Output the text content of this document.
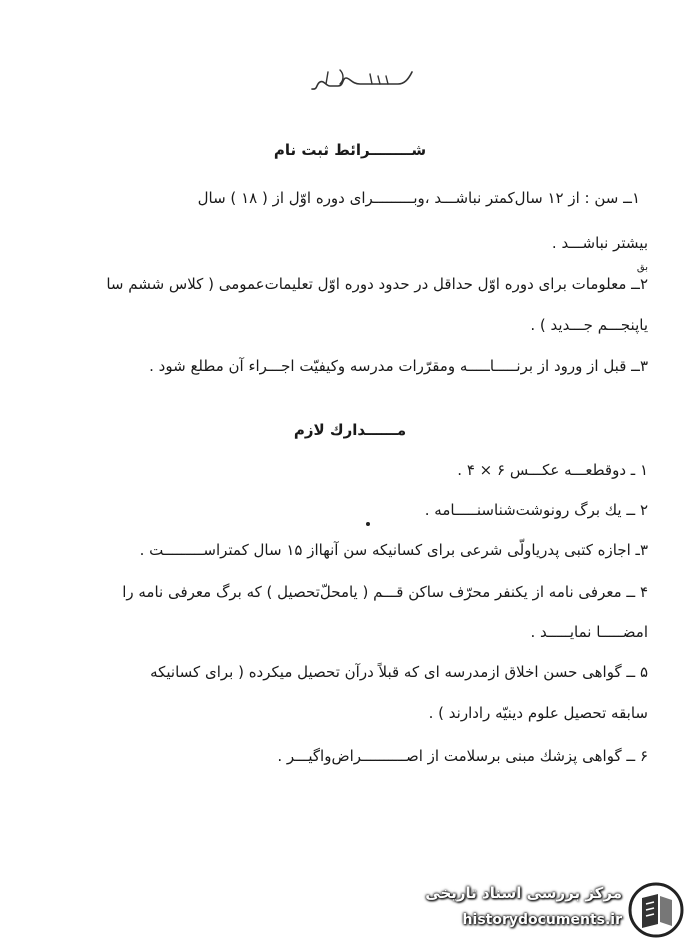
شــــــــرائط ثبت نام
۱ــ سن : از ۱۲ سال‌کمتر نباشـــد ،وبـــــــــرای دوره اوّل از ( ۱۸ ) سال
بیشتر نباشـــد .
بق
۲ــ معلومات برای دوره اوّل حداقل در حدود دوره اوّل تعلیمات‌عمومی ( کلاس ششم سا
یاپنجـــم جـــدید ) .
۳ــ قبل از ورود از برنـــــاـــــه ومقرّرات مدرسه وکیفیّت اجـــراء آن مطلع شود .
مــــــدارك لازم
۱ ـ دوقطعـــه عکـــس ۶ × ۴ .
۲ ــ یك برگ رونوشت‌شناسنـــــامه .
۳ـ اجازه کتبی پدریاولّی شرعی برای کسانیکه سن آنهااز ۱۵ سال کمتراســـــــــت .
۴ ــ معرفی نامه از یکنفر محرّف ساکن قـــم ( یامحلّ‌تحصیل ) که برگ معرفی نامه را
امضـــــا نمایـــــد .
۵ ــ گواهی حسن اخلاق ازمدرسه ای که قبلاً درآن تحصیل میکرده ( برای کسانیکه
سابقه تحصیل علوم دینیّه رادارند ) .
۶ ــ گواهی پزشك مبنی برسلامت از اصــــــــــراض‌واگیـــر .
مرکز بررسی اسناد تاریخی
historydocuments.ir
